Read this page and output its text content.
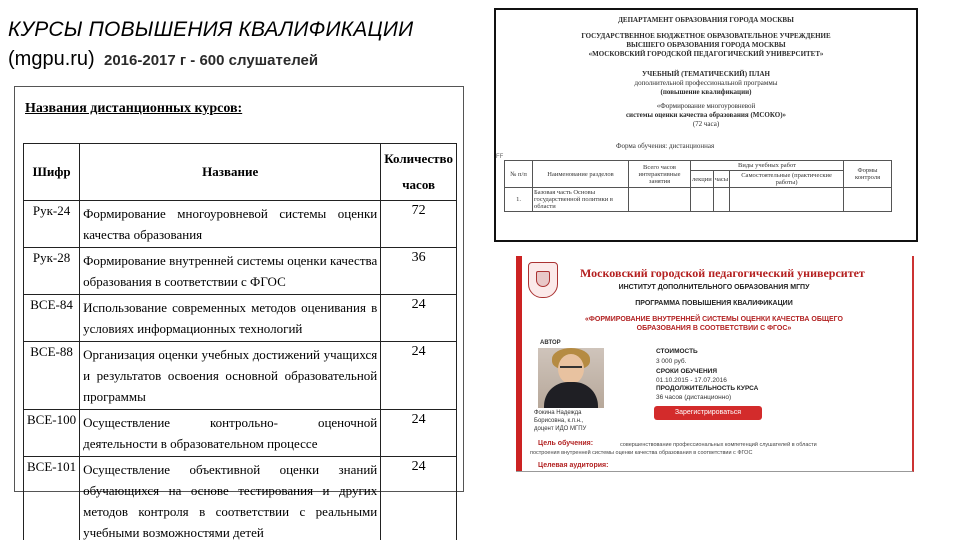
КУРСЫ ПОВЫШЕНИЯ КВАЛИФИКАЦИИ
(mgpu.ru) 2016-2017 г - 600 слушателей
Названия дистанционных курсов:
Шифр	Название	Количество часов
Рук-24	Формирование многоуровневой системы оценки качества образования	72
Рук-28	Формирование внутренней системы оценки качества образования в соответствии с ФГОС	36
ВСЕ-84	Использование современных методов оценивания в условиях информационных технологий	24
ВСЕ-88	Организация оценки учебных достижений учащихся и результатов освоения основной образовательной программы	24
ВСЕ-100	Осуществление контрольно- оценочной деятельности в образовательном процессе	24
ВСЕ-101	Осуществление объективной оценки знаний обучающихся на основе тестирования и других методов контроля в соответствии с реальными учебными возможностями детей	24
ДЕПАРТАМЕНТ ОБРАЗОВАНИЯ ГОРОДА МОСКВЫ
ГОСУДАРСТВЕННОЕ БЮДЖЕТНОЕ ОБРАЗОВАТЕЛЬНОЕ УЧРЕЖДЕНИЕ
ВЫСШЕГО ОБРАЗОВАНИЯ ГОРОДА МОСКВЫ
«МОСКОВСКИЙ ГОРОДСКОЙ ПЕДАГОГИЧЕСКИЙ УНИВЕРСИТЕТ»
УЧЕБНЫЙ (ТЕМАТИЧЕСКИЙ) ПЛАН
дополнительной профессиональной программы
(повышение квалификации)
«Формирование многоуровневой
системы оценки качества образования (МСОКО)»
(72 часа)
Форма обучения: дистанционная
FF
№ п/п	Наименование разделов	Всего часов интерактивные занятия	Виды учебных работ			Формы контроля
			лекции	часы	Самостоятельные (практические работы)	
1.	Базовая часть Основы государственной политики в области					
Московский городской педагогический университет
ИНСТИТУТ ДОПОЛНИТЕЛЬНОГО ОБРАЗОВАНИЯ МГПУ
ПРОГРАММА ПОВЫШЕНИЯ КВАЛИФИКАЦИИ
«ФОРМИРОВАНИЕ ВНУТРЕННЕЙ СИСТЕМЫ ОЦЕНКИ КАЧЕСТВА ОБЩЕГО
ОБРАЗОВАНИЯ В СООТВЕТСТВИИ С ФГОС»
АВТОР
СТОИМОСТЬ
3 000 руб.
СРОКИ ОБУЧЕНИЯ
01.10.2015 - 17.07.2016
ПРОДОЛЖИТЕЛЬНОСТЬ КУРСА
36 часов (дистанционно)
Зарегистрироваться
Фокина Надежда
Борисовна, к.п.н.,
доцент ИДО МГПУ
Цель обучения:	совершенствование профессиональных компетенций слушателей в области
построения внутренней системы оценки качества образования в соответствии с ФГОС
Целевая аудитория:
